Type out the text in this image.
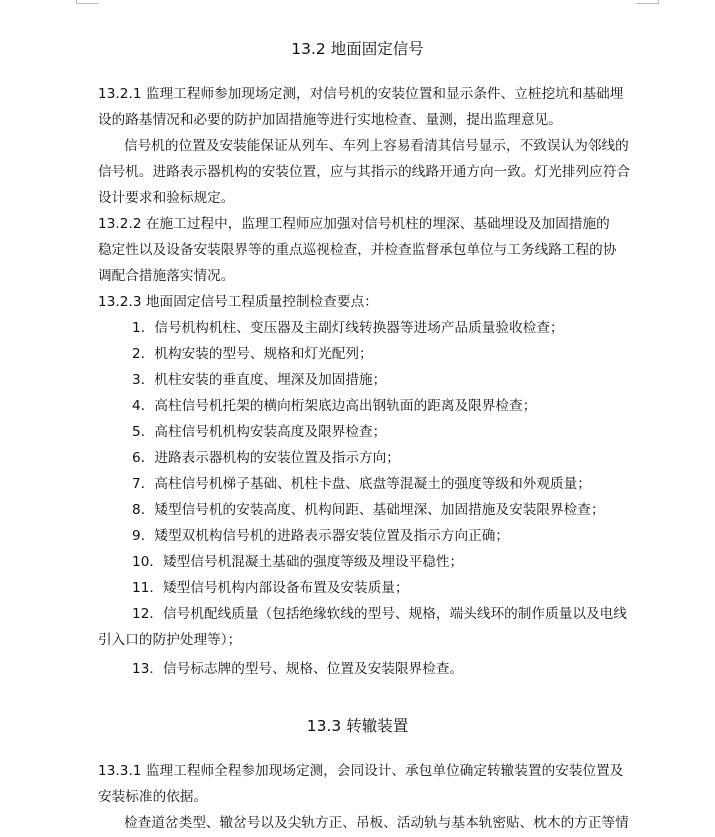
13.2 地面固定信号
13.2.1 监理工程师参加现场定测，对信号机的安装位置和显示条件、立桩挖坑和基础埋
设的路基情况和必要的防护加固措施等进行实地检查、量测，提出监理意见。
信号机的位置及安装能保证从列车、车列上容易看清其信号显示，不致误认为邻线的
信号机。进路表示器机构的安装位置，应与其指示的线路开通方向一致。灯光排列应符合
设计要求和验标规定。
13.2.2 在施工过程中，监理工程师应加强对信号机柱的埋深、基础埋设及加固措施的
稳定性以及设备安装限界等的重点巡视检查，并检查监督承包单位与工务线路工程的协
调配合措施落实情况。
13.2.3 地面固定信号工程质量控制检查要点：
1．信号机构机柱、变压器及主副灯线转换器等进场产品质量验收检查；
2．机构安装的型号、规格和灯光配列；
3．机柱安装的垂直度、埋深及加固措施；
4．高柱信号机托架的横向桁架底边高出钢轨面的距离及限界检查；
5．高柱信号机机构安装高度及限界检查；
6．进路表示器机构的安装位置及指示方向；
7．高柱信号机梯子基础、机柱卡盘、底盘等混凝土的强度等级和外观质量；
8．矮型信号机的安装高度、机构间距、基础埋深、加固措施及安装限界检查；
9．矮型双机构信号机的进路表示器安装位置及指示方向正确；
10．矮型信号机混凝土基础的强度等级及埋设平稳性；
11．矮型信号机构内部设备布置及安装质量；
12．信号机配线质量（包括绝缘软线的型号、规格，端头线环的制作质量以及电线
引入口的防护处理等）；
13．信号标志牌的型号、规格、位置及安装限界检查。
13.3 转辙装置
13.3.1 监理工程师全程参加现场定测，会同设计、承包单位确定转辙装置的安装位置及
安装标准的依据。
检查道岔类型、辙岔号以及尖轨方正、吊板、活动轨与基本轨密贴、枕木的方正等情
